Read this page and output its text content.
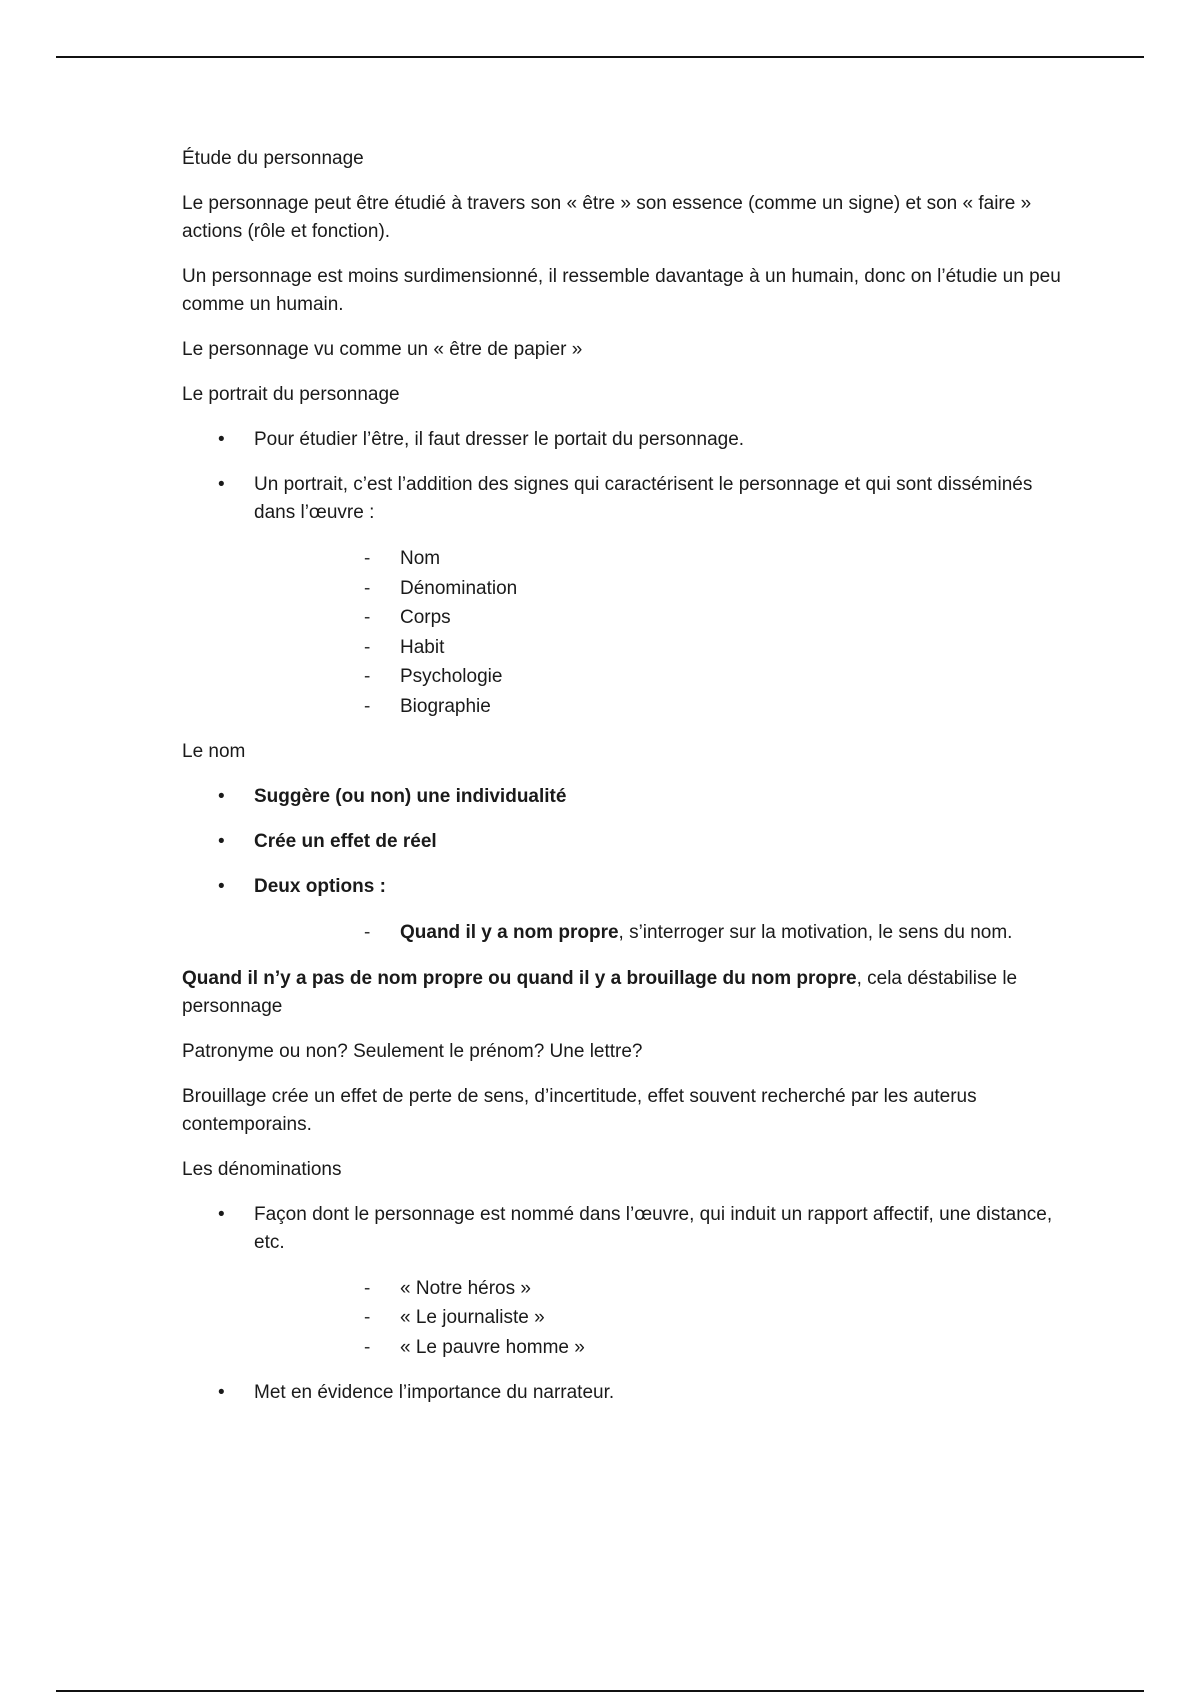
Étude du personnage

Le personnage peut être étudié à travers son « être » son essence (comme un signe) et son « faire » actions (rôle et fonction).

Un personnage est moins surdimensionné, il ressemble davantage à un humain, donc on l’étudie un peu comme un humain.

Le personnage vu comme un « être de papier »

Le portrait du personnage

• Pour étudier l’être, il faut dresser le portait du personnage.
• Un portrait, c’est l’addition des signes qui caractérisent le personnage et qui sont disséminés dans l’œuvre :
- Nom
- Dénomination
- Corps
- Habit
- Psychologie
- Biographie

Le nom

• Suggère (ou non) une individualité
• Crée un effet de réel
• Deux options :
- Quand il y a nom propre, s’interroger sur la motivation, le sens du nom.

Quand il n’y a pas de nom propre ou quand il y a brouillage du nom propre, cela déstabilise le personnage

Patronyme ou non? Seulement le prénom? Une lettre?

Brouillage crée un effet de perte de sens, d’incertitude, effet souvent recherché par les auterus contemporains.

Les dénominations

• Façon dont le personnage est nommé dans l’œuvre, qui induit un rapport affectif, une distance, etc.
- « Notre héros »
- « Le journaliste »
- « Le pauvre homme »
• Met en évidence l’importance du narrateur.
